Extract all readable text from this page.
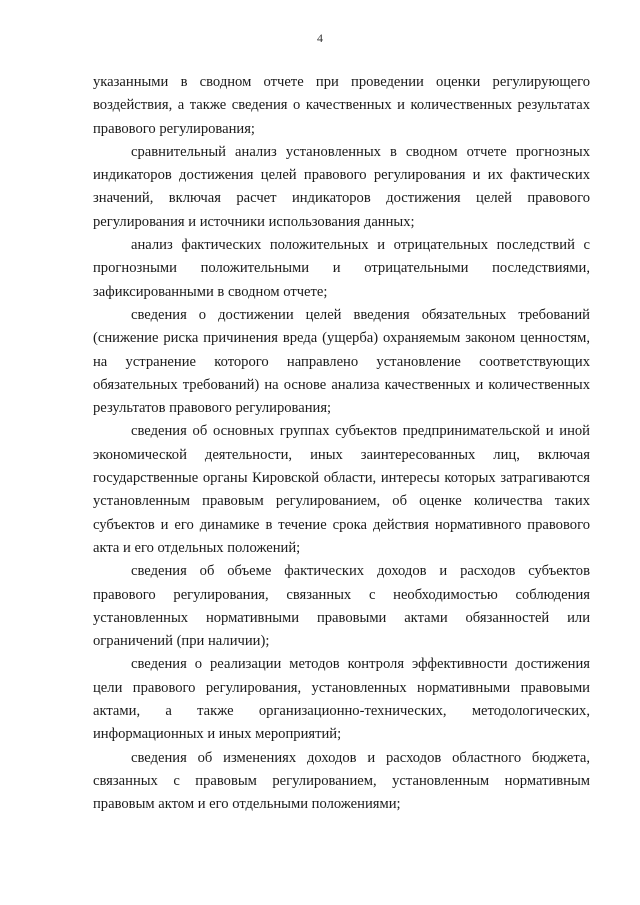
4

указанными в сводном отчете при проведении оценки регулирующего воздействия, а также сведения о качественных и количественных результатах правового регулирования;

сравнительный анализ установленных в сводном отчете прогнозных индикаторов достижения целей правового регулирования и их фактических значений, включая расчет индикаторов достижения целей правового регулирования и источники использования данных;

анализ фактических положительных и отрицательных последствий с прогнозными положительными и отрицательными последствиями, зафиксированными в сводном отчете;

сведения о достижении целей введения обязательных требований (снижение риска причинения вреда (ущерба) охраняемым законом ценностям, на устранение которого направлено установление соответствующих обязательных требований) на основе анализа качественных и количественных результатов правового регулирования;

сведения об основных группах субъектов предпринимательской и иной экономической деятельности, иных заинтересованных лиц, включая государственные органы Кировской области, интересы которых затрагиваются установленным правовым регулированием, об оценке количества таких субъектов и его динамике в течение срока действия нормативного правового акта и его отдельных положений;

сведения об объеме фактических доходов и расходов субъектов правового регулирования, связанных с необходимостью соблюдения установленных нормативными правовыми актами обязанностей или ограничений (при наличии);

сведения о реализации методов контроля эффективности достижения цели правового регулирования, установленных нормативными правовыми актами, а также организационно-технических, методологических, информационных и иных мероприятий;

сведения об изменениях доходов и расходов областного бюджета, связанных с правовым регулированием, установленным нормативным правовым актом и его отдельными положениями;
